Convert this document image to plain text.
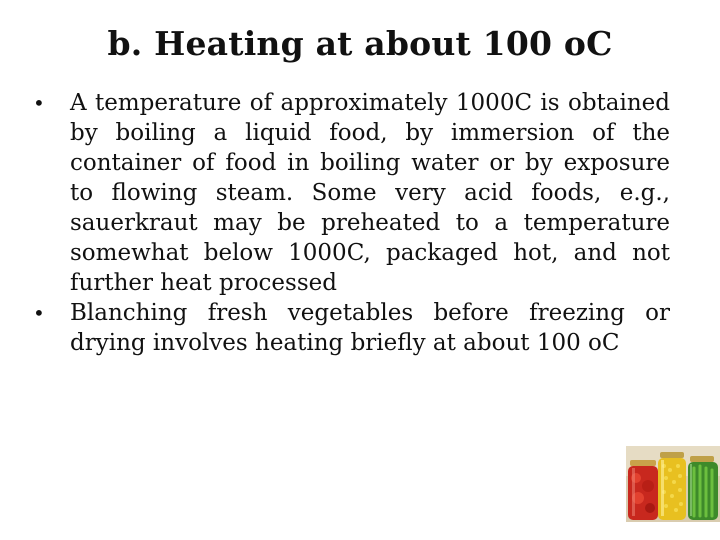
b. Heating at about 100 oC
• A temperature of approximately 1000C is obtained by boiling a liquid food, by immersion of the container of food in boiling water or by exposure to flowing steam. Some very acid foods, e.g., sauerkraut may be preheated to a temperature somewhat below 1000C, packaged hot, and not further heat processed
• Blanching fresh vegetables before freezing or drying involves heating briefly at about 100 oC
